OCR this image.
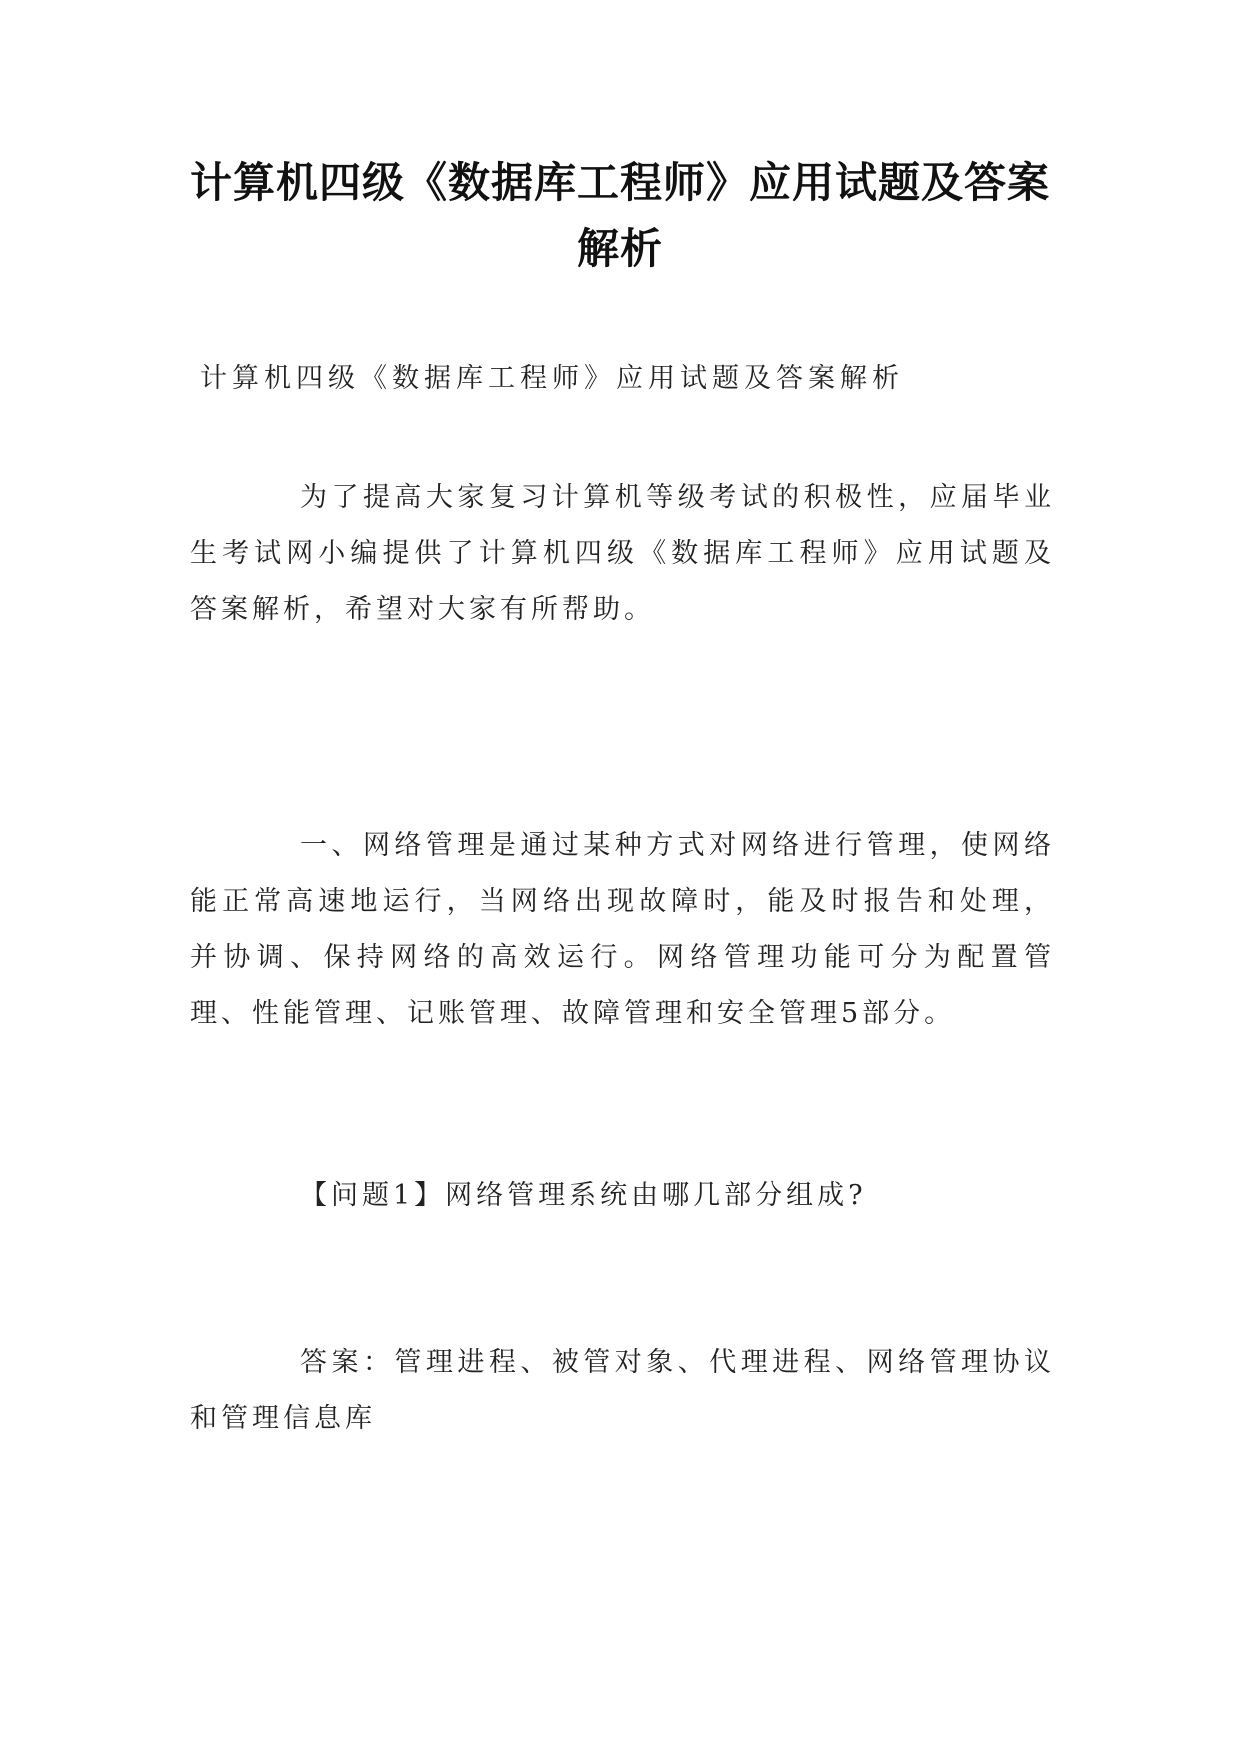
计算机四级《数据库工程师》应用试题及答案解析

计算机四级《数据库工程师》应用试题及答案解析

为了提高大家复习计算机等级考试的积极性，应届毕业生考试网小编提供了计算机四级《数据库工程师》应用试题及答案解析，希望对大家有所帮助。

一、网络管理是通过某种方式对网络进行管理，使网络能正常高速地运行，当网络出现故障时，能及时报告和处理，并协调、保持网络的高效运行。网络管理功能可分为配置管理、性能管理、记账管理、故障管理和安全管理5部分。

【问题1】网络管理系统由哪几部分组成?

答案：管理进程、被管对象、代理进程、网络管理协议和管理信息库
